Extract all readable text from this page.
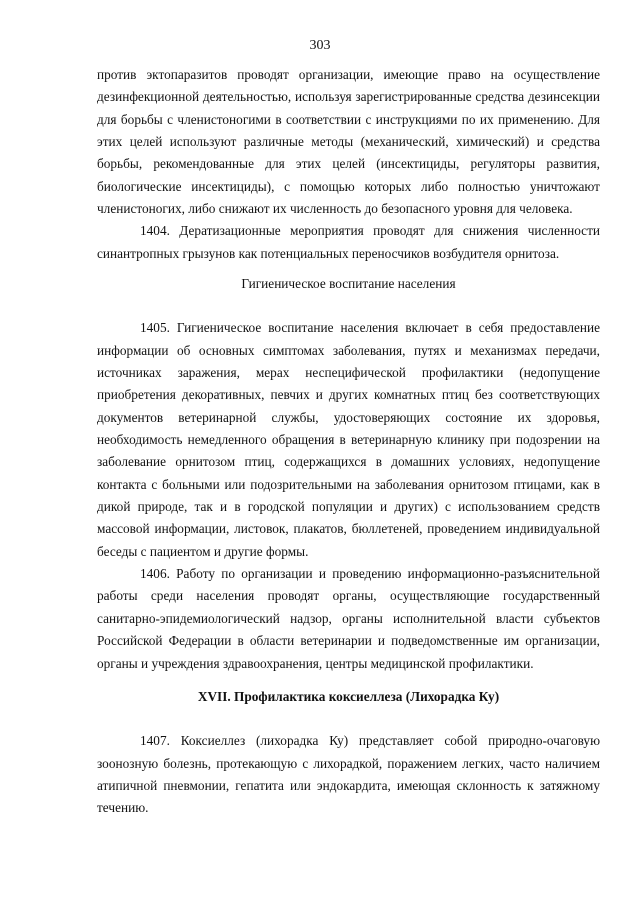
303

против эктопаразитов проводят организации, имеющие право на осуществление дезинфекционной деятельностью, используя зарегистрированные средства дезинсекции для борьбы с членистоногими в соответствии с инструкциями по их применению. Для этих целей используют различные методы (механический, химический) и средства борьбы, рекомендованные для этих целей (инсектициды, регуляторы развития, биологические инсектициды), с помощью которых либо полностью уничтожают членистоногих, либо снижают их численность до безопасного уровня для человека.

1404. Дератизационные мероприятия проводят для снижения численности синантропных грызунов как потенциальных переносчиков возбудителя орнитоза.

Гигиеническое воспитание населения

1405. Гигиеническое воспитание населения включает в себя предоставление информации об основных симптомах заболевания, путях и механизмах передачи, источниках заражения, мерах неспецифической профилактики (недопущение приобретения декоративных, певчих и других комнатных птиц без соответствующих документов ветеринарной службы, удостоверяющих состояние их здоровья, необходимость немедленного обращения в ветеринарную клинику при подозрении на заболевание орнитозом птиц, содержащихся в домашних условиях, недопущение контакта с больными или подозрительными на заболевания орнитозом птицами, как в дикой природе, так и в городской популяции и других) с использованием средств массовой информации, листовок, плакатов, бюллетеней, проведением индивидуальной беседы с пациентом и другие формы.

1406. Работу по организации и проведению информационно-разъяснительной работы среди населения проводят органы, осуществляющие государственный санитарно-эпидемиологический надзор, органы исполнительной власти субъектов Российской Федерации в области ветеринарии и подведомственные им организации, органы и учреждения здравоохранения, центры медицинской профилактики.

XVII. Профилактика коксиеллеза (Лихорадка Ку)

1407. Коксиеллез (лихорадка Ку) представляет собой природно-очаговую зоонозную болезнь, протекающую с лихорадкой, поражением легких, часто наличием атипичной пневмонии, гепатита или эндокардита, имеющая склонность к затяжному течению.
